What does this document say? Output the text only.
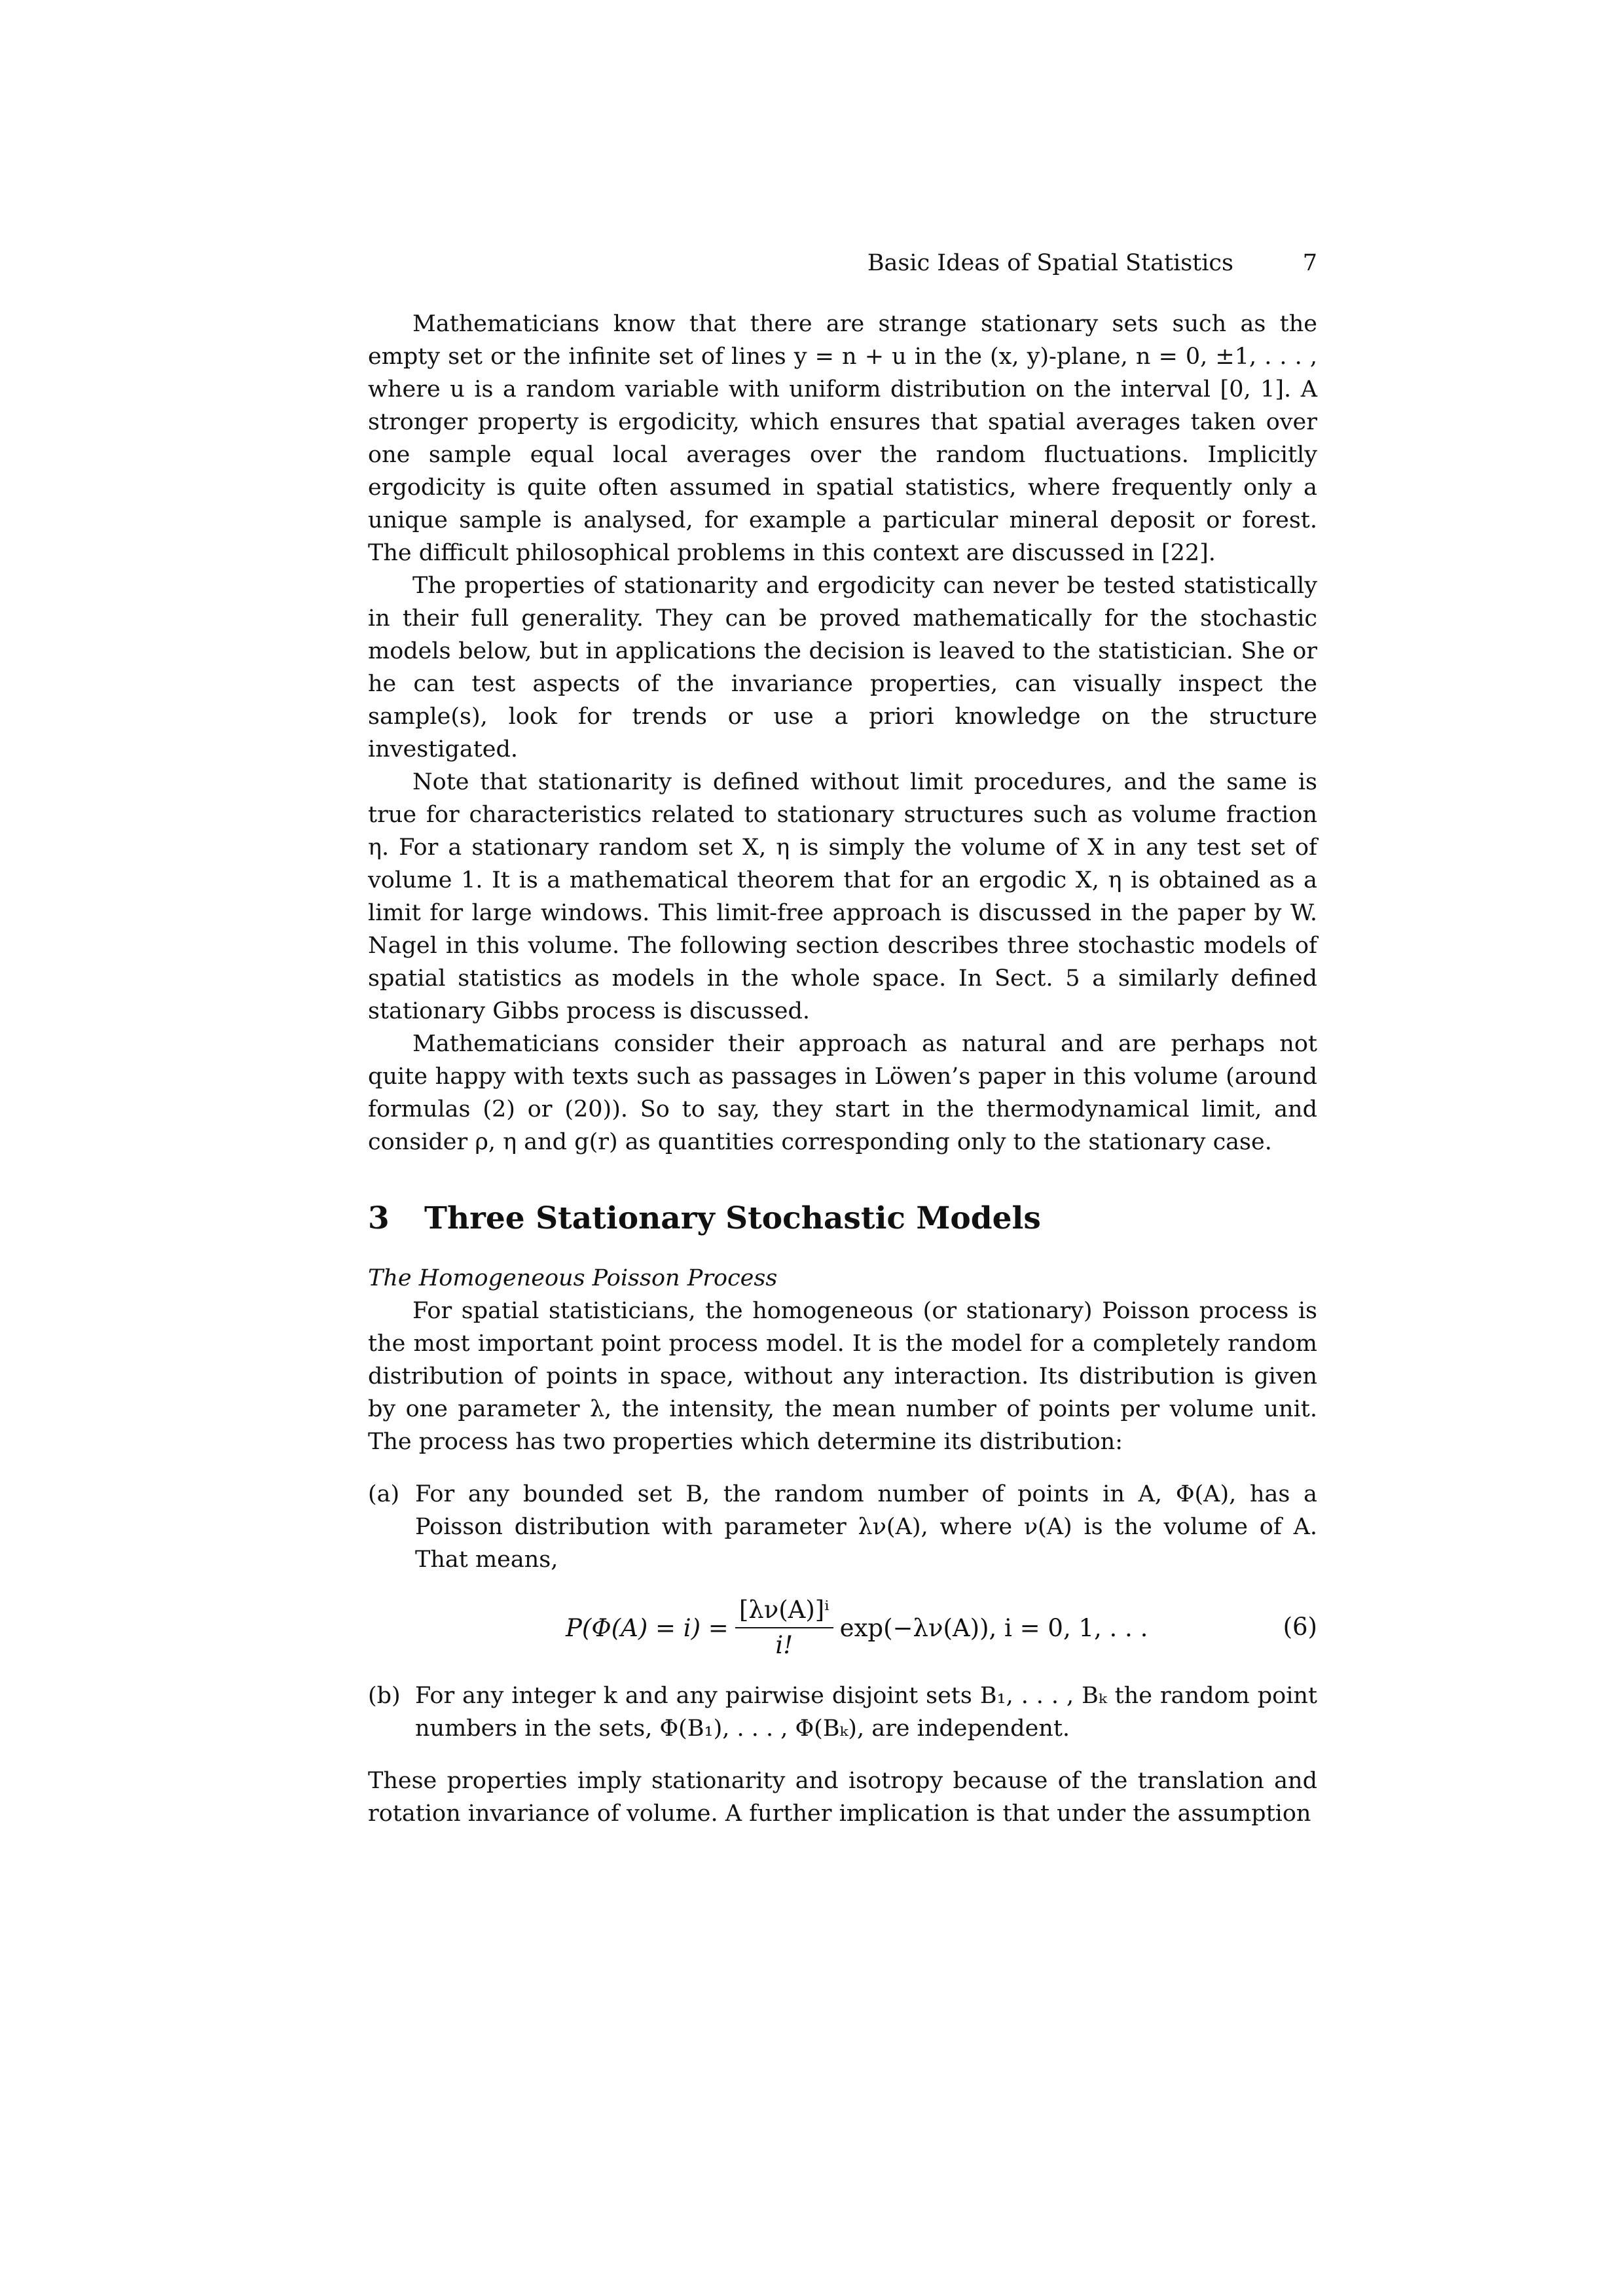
Basic Ideas of Spatial Statistics	7

Mathematicians know that there are strange stationary sets such as the empty set or the infinite set of lines y = n + u in the (x, y)-plane, n = 0, ±1, . . . , where u is a random variable with uniform distribution on the interval [0, 1]. A stronger property is ergodicity, which ensures that spatial averages taken over one sample equal local averages over the random fluctuations. Implicitly ergodicity is quite often assumed in spatial statistics, where frequently only a unique sample is analysed, for example a particular mineral deposit or forest. The difficult philosophical problems in this context are discussed in [22].

The properties of stationarity and ergodicity can never be tested statistically in their full generality. They can be proved mathematically for the stochastic models below, but in applications the decision is leaved to the statistician. She or he can test aspects of the invariance properties, can visually inspect the sample(s), look for trends or use a priori knowledge on the structure investigated.

Note that stationarity is defined without limit procedures, and the same is true for characteristics related to stationary structures such as volume fraction η. For a stationary random set X, η is simply the volume of X in any test set of volume 1. It is a mathematical theorem that for an ergodic X, η is obtained as a limit for large windows. This limit-free approach is discussed in the paper by W. Nagel in this volume. The following section describes three stochastic models of spatial statistics as models in the whole space. In Sect. 5 a similarly defined stationary Gibbs process is discussed.

Mathematicians consider their approach as natural and are perhaps not quite happy with texts such as passages in Löwen’s paper in this volume (around formulas (2) or (20)). So to say, they start in the thermodynamical limit, and consider ρ, η and g(r) as quantities corresponding only to the stationary case.

3 Three Stationary Stochastic Models
The Homogeneous Poisson Process

For spatial statisticians, the homogeneous (or stationary) Poisson process is the most important point process model. It is the model for a completely random distribution of points in space, without any interaction. Its distribution is given by one parameter λ, the intensity, the mean number of points per volume unit. The process has two properties which determine its distribution:

(a) For any bounded set B, the random number of points in A, Φ(A), has a Poisson distribution with parameter λν(A), where ν(A) is the volume of A. That means,
$P(\Phi(A) = i) = \frac{\text{[λν(A)]ⁱ}}{i!} \exp(-\lambda\nu(A))$, i = 0, 1, . . .	(6)
(b) For any integer k and any pairwise disjoint sets B₁, . . . , Bₖ the random point numbers in the sets, Φ(B₁), . . . , Φ(Bₖ), are independent.

These properties imply stationarity and isotropy because of the translation and rotation invariance of volume. A further implication is that under the assumption
